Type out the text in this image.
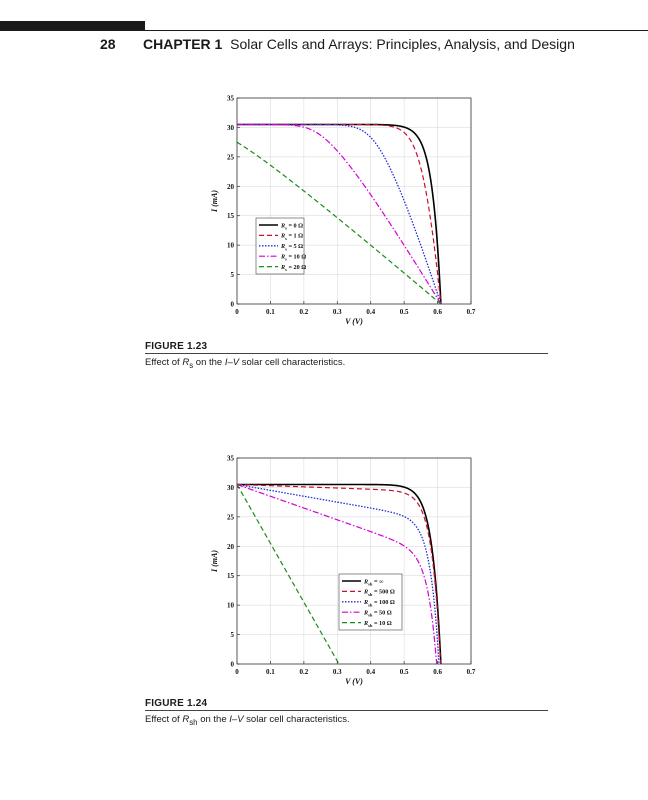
28 CHAPTER 1 Solar Cells and Arrays: Principles, Analysis, and Design
0	0.1	0.2	0.3	0.4	0.5	0.6	0.7
0
5
10
15
20
25
30
35
V (V)
I (mA)
$R_s = 0$ Ω
$R_s = 1$ Ω
$R_s = 5$ Ω
$R_s = 10$ Ω
$R_s = 20$ Ω
FIGURE 1.23
Effect of $R_s$ on the I–V solar cell characteristics.
0	0.1	0.2	0.3	0.4	0.5	0.6	0.7
0
5
10
15
20
25
30
35
V (V)
I (mA)
$R_{sh}$ = ∞
$R_{sh} = 500$ Ω
$R_{sh} = 100$ Ω
$R_{sh} = 50$ Ω
$R_{sh} = 10$ Ω
FIGURE 1.24
Effect of $R_{sh}$ on the I–V solar cell characteristics.
